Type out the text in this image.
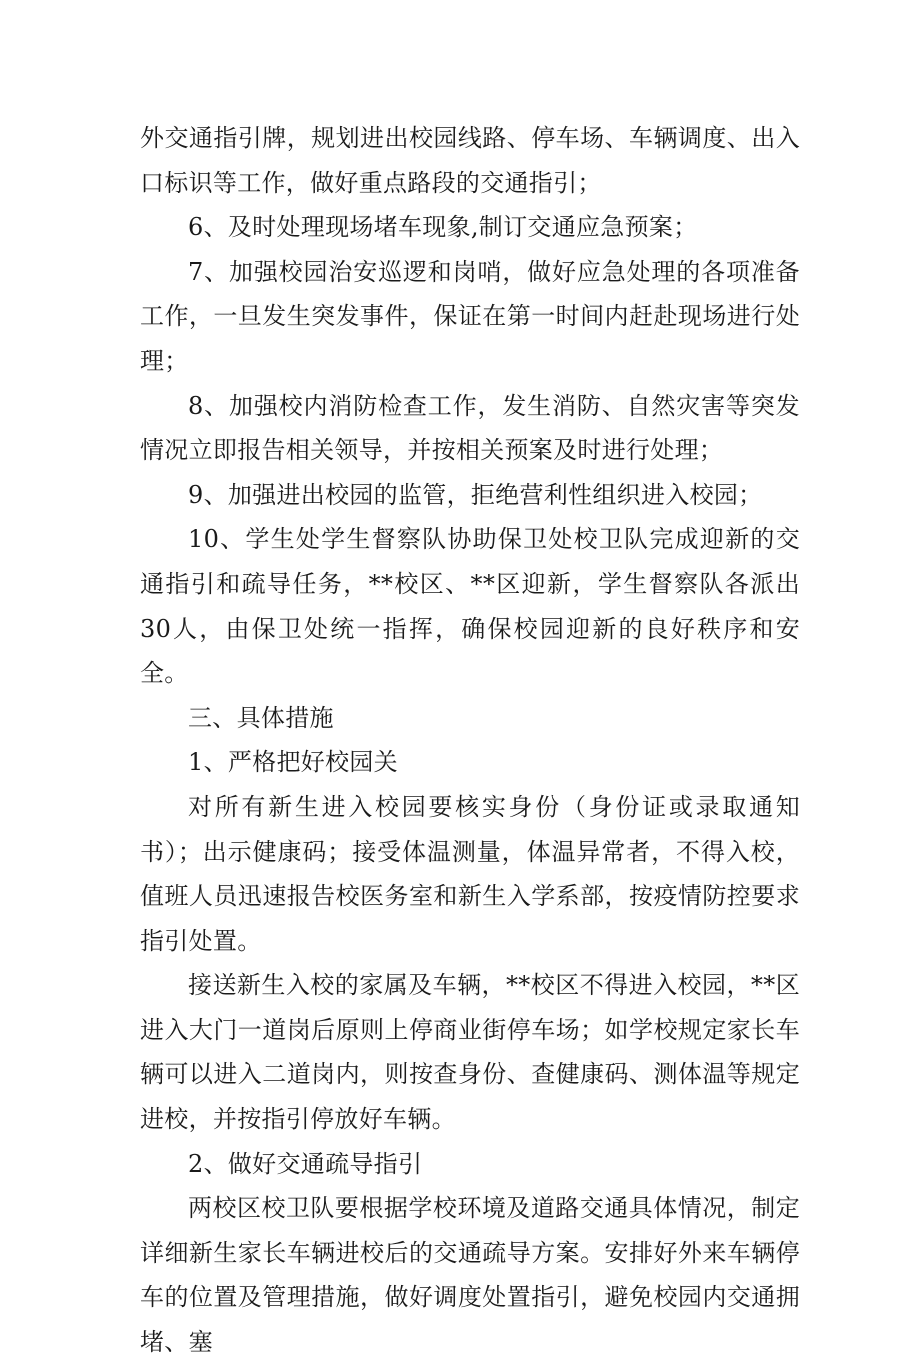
外交通指引牌，规划进出校园线路、停车场、车辆调度、出入口标识等工作，做好重点路段的交通指引；

6、及时处理现场堵车现象,制订交通应急预案；

7、加强校园治安巡逻和岗哨，做好应急处理的各项准备工作，一旦发生突发事件，保证在第一时间内赶赴现场进行处理；

8、加强校内消防检查工作，发生消防、自然灾害等突发情况立即报告相关领导，并按相关预案及时进行处理；

9、加强进出校园的监管，拒绝营利性组织进入校园；

10、学生处学生督察队协助保卫处校卫队完成迎新的交通指引和疏导任务，**校区、**区迎新，学生督察队各派出30人，由保卫处统一指挥，确保校园迎新的良好秩序和安全。

三、具体措施

1、严格把好校园关

对所有新生进入校园要核实身份（身份证或录取通知书）；出示健康码；接受体温测量，体温异常者，不得入校，值班人员迅速报告校医务室和新生入学系部，按疫情防控要求指引处置。

接送新生入校的家属及车辆，**校区不得进入校园，**区进入大门一道岗后原则上停商业街停车场；如学校规定家长车辆可以进入二道岗内，则按查身份、查健康码、测体温等规定进校，并按指引停放好车辆。

2、做好交通疏导指引

两校区校卫队要根据学校环境及道路交通具体情况，制定详细新生家长车辆进校后的交通疏导方案。安排好外来车辆停车的位置及管理措施，做好调度处置指引，避免校园内交通拥堵、塞
